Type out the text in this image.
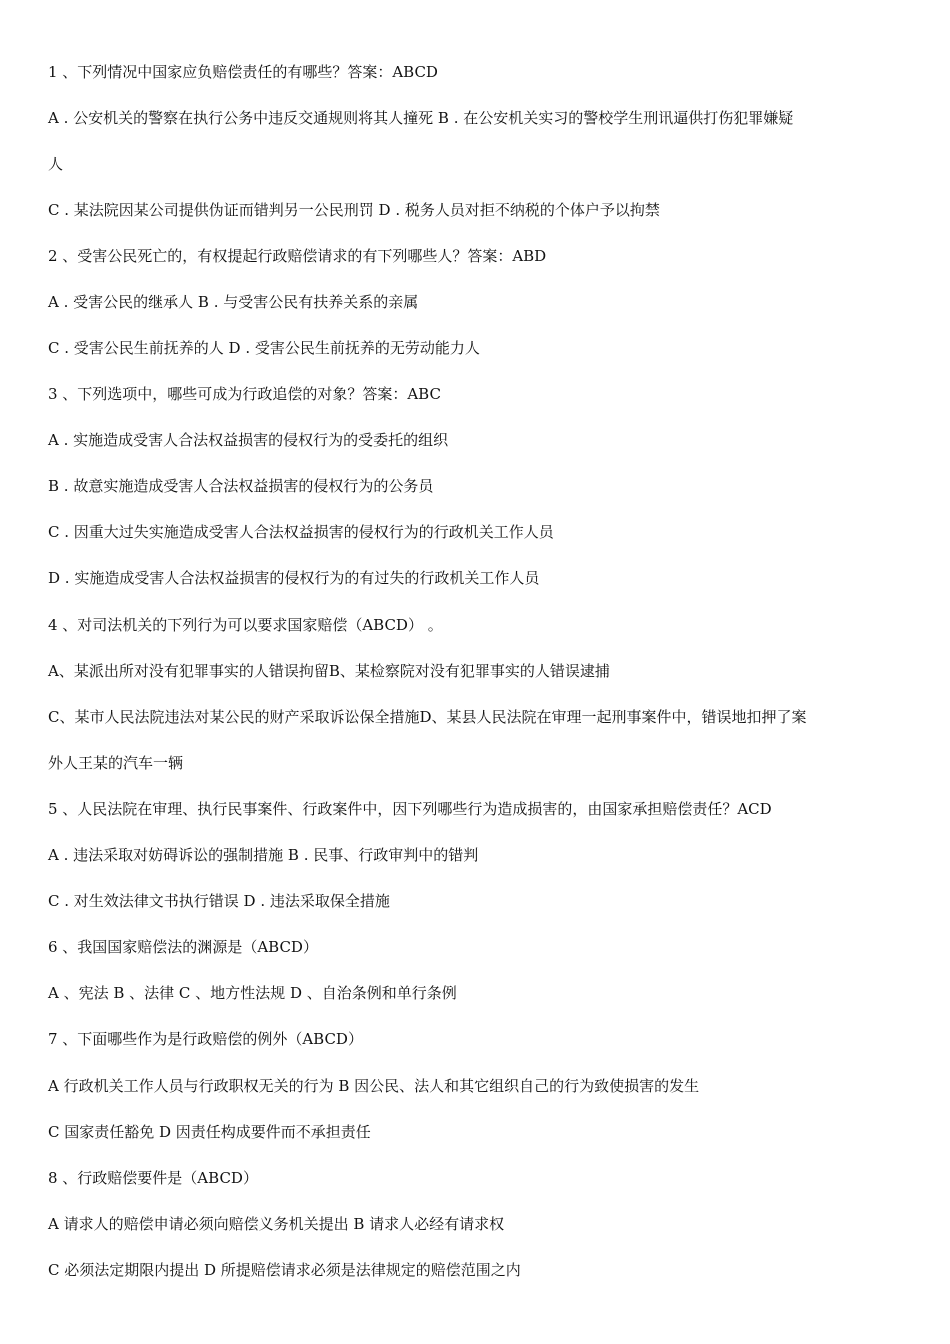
1 、下列情况中国家应负赔偿责任的有哪些？答案：ABCD
A . 公安机关的警察在执行公务中违反交通规则将其人撞死 B . 在公安机关实习的警校学生刑讯逼供打伤犯罪嫌疑
人
C . 某法院因某公司提供伪证而错判另一公民刑罚 D . 税务人员对拒不纳税的个体户予以拘禁
2 、受害公民死亡的，有权提起行政赔偿请求的有下列哪些人？答案：ABD
A . 受害公民的继承人 B . 与受害公民有扶养关系的亲属
C . 受害公民生前抚养的人 D . 受害公民生前抚养的无劳动能力人
3 、下列选项中，哪些可成为行政追偿的对象？答案：ABC
A . 实施造成受害人合法权益损害的侵权行为的受委托的组织
B . 故意实施造成受害人合法权益损害的侵权行为的公务员
C . 因重大过失实施造成受害人合法权益损害的侵权行为的行政机关工作人员
D . 实施造成受害人合法权益损害的侵权行为的有过失的行政机关工作人员
4 、对司法机关的下列行为可以要求国家赔偿（ABCD） 。
A、某派出所对没有犯罪事实的人错误拘留B、某检察院对没有犯罪事实的人错误逮捕
C、某市人民法院违法对某公民的财产采取诉讼保全措施D、某县人民法院在审理一起刑事案件中，错误地扣押了案
外人王某的汽车一辆
5 、人民法院在审理、执行民事案件、行政案件中，因下列哪些行为造成损害的，由国家承担赔偿责任？ACD
A . 违法采取对妨碍诉讼的强制措施 B . 民事、行政审判中的错判
C . 对生效法律文书执行错误 D . 违法采取保全措施
6 、我国国家赔偿法的渊源是（ABCD）
A 、宪法 B 、法律 C 、地方性法规 D 、自治条例和单行条例
7 、下面哪些作为是行政赔偿的例外（ABCD）
A 行政机关工作人员与行政职权无关的行为 B 因公民、法人和其它组织自己的行为致使损害的发生
C 国家责任豁免 D 因责任构成要件而不承担责任
8 、行政赔偿要件是（ABCD）
A 请求人的赔偿申请必须向赔偿义务机关提出 B 请求人必经有请求权
C 必须法定期限内提出 D 所提赔偿请求必须是法律规定的赔偿范围之内
